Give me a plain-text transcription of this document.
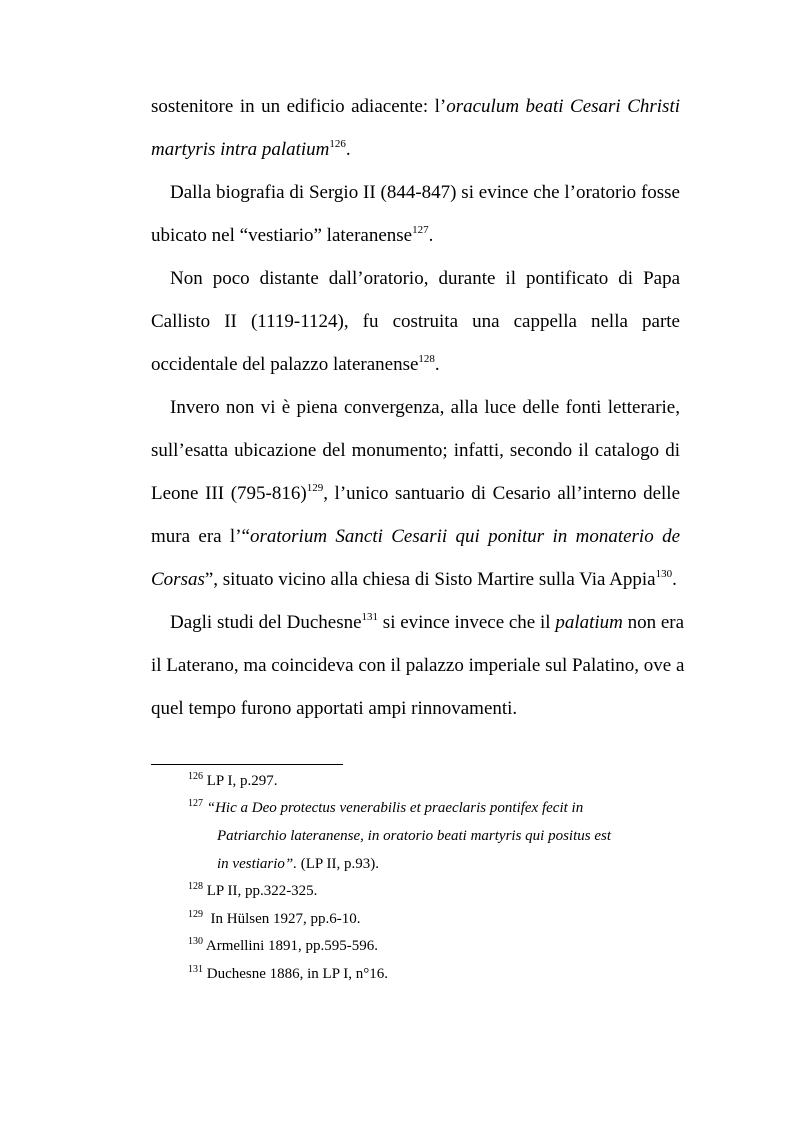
sostenitore in un edificio adiacente: l’oraculum beati Cesari Christi
martyris intra palatium$^{126}$.
Dalla biografia di Sergio II (844-847) si evince che l’oratorio fosse
ubicato nel “vestiario” lateranense$^{127}$.
Non poco distante dall’oratorio, durante il pontificato di Papa
Callisto II (1119-1124), fu costruita una cappella nella parte
occidentale del palazzo lateranense$^{128}$.
Invero non vi è piena convergenza, alla luce delle fonti letterarie,
sull’esatta ubicazione del monumento; infatti, secondo il catalogo di
Leone III $(795-816)^{129}$, l’unico santuario di Cesario all’interno delle
mura era l’“oratorium Sancti Cesarii qui ponitur in monaterio de
Corsas”, situato vicino alla chiesa di Sisto Martire sulla Via Appia$^{130}$.
Dagli studi del Duchesne$^{131}$ si evince invece che il palatium non era
il Laterano, ma coincideva con il palazzo imperiale sul Palatino, ove a
quel tempo furono apportati ampi rinnovamenti.
$^{126}$ LP I, p.297.
$^{127}$ “Hic a Deo protectus venerabilis et praeclaris pontifex fecit in
Patriarchio lateranense, in oratorio beati martyris qui positus est
in vestiario”. (LP II, p.93).
$^{128}$ LP II, pp.322-325.
$^{129}$  In Hülsen 1927, pp.6-10.
$^{130}$ Armellini 1891, pp.595-596.
$^{131}$ Duchesne 1886, in LP I, n°16.
